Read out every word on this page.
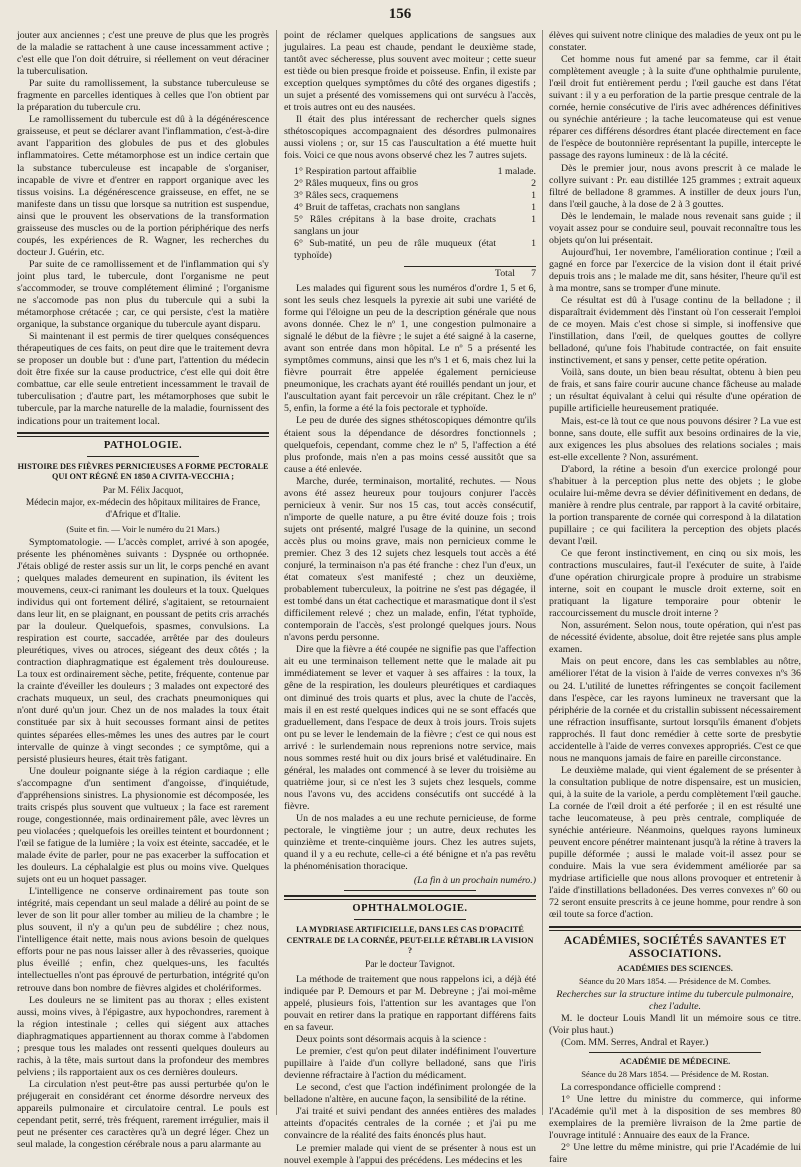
156

jouter aux anciennes ; c'est une preuve de plus que les progrès de la maladie se rattachent à une cause incessamment active ; c'est elle que l'on doit détruire, si réellement on veut déraciner la tuberculisation.

Par suite du ramollissement, la substance tuberculeuse se fragmente en parcelles identiques à celles que l'on obtient par la préparation du tubercule cru.

Le ramollissement du tubercule est dû à la dégénérescence graisseuse, et peut se déclarer avant l'inflammation, c'est-à-dire avant l'apparition des globules de pus et des globules inflammatoires. Cette métamorphose est un indice certain que la substance tuberculeuse est incapable de s'organiser, incapable de vivre et d'entrer en rapport organique avec les tissus voisins. La dégénérescence graisseuse, en effet, ne se manifeste dans un tissu que lorsque sa nutrition est suspendue, ainsi que le prouvent les observations de la transformation graisseuse des muscles ou de la portion périphérique des nerfs coupés, les expériences de R. Wagner, les recherches du docteur J. Guérin, etc.

Par suite de ce ramollissement et de l'inflammation qui s'y joint plus tard, le tubercule, dont l'organisme ne peut s'accommoder, se trouve complétement éliminé ; l'organisme ne s'accomode pas non plus du tubercule qui a subi la métamorphose crétacée ; car, ce qui persiste, c'est la matière organique, la substance organique du tubercule ayant disparu.

Si maintenant il est permis de tirer quelques conséquences thérapeutiques de ces faits, on peut dire que le traitement devra se proposer un double but : d'une part, l'attention du médecin doit être fixée sur la cause productrice, c'est elle qui doit être combattue, car elle seule entretient incessamment le travail de tuberculisation ; d'autre part, les métamorphoses que subit le tubercule, par la marche naturelle de la maladie, fournissent des indications pour un traitement local.

PATHOLOGIE.
HISTOIRE DES FIÈVRES PERNICIEUSES A FORME PECTORALE QUI ONT RÉGNÉ EN 1850 A CIVITA-VECCHIA ;
Par M. Félix Jacquot,
Médecin major, ex-médecin des hôpitaux militaires de France, d'Afrique et d'Italie.
(Suite et fin. — Voir le numéro du 21 Mars.)

Symptomatologie. — L'accès complet, arrivé à son apogée, présente les phénomènes suivants : Dyspnée ou orthopnée. J'étais obligé de rester assis sur un lit, le corps penché en avant ; quelques malades demeurent en supination, ils évitent les mouvemens, ceux-ci ranimant les douleurs et la toux. Quelques individus qui ont fortement déliré, s'agitaient, se retournaient dans leur lit, en se plaignant, en poussant de petits cris arrachés par la douleur. Quelquefois, spasmes, convulsions. La respiration est courte, saccadée, arrêtée par des douleurs pleurétiques, vives ou atroces, siégeant des deux côtés ; la contraction diaphragmatique est également très douloureuse. La toux est ordinairement sèche, petite, fréquente, contenue par la crainte d'éveiller les douleurs ; 3 malades ont expectoré des crachats muqueux, un seul, des crachats pneumoniques qui n'ont duré qu'un jour. Chez un de nos malades la toux était constituée par six à huit secousses formant ainsi de petites quintes séparées elles-mêmes les unes des autres par le court intervalle de quinze à vingt secondes ; ce symptôme, qui a persisté plusieurs heures, était très fatigant.

Une douleur poignante siége à la région cardiaque ; elle s'accompagne d'un sentiment d'angoisse, d'inquiétude, d'appréhensions sinistres. La physionomie est décomposée, les traits crispés plus souvent que vultueux ; la face est rarement rouge, congestionnée, mais ordinairement pâle, avec lèvres un peu violacées ; quelquefois les oreilles teintent et bourdonnent ; l'œil se fatigue de la lumière ; la voix est éteinte, saccadée, et le malade évite de parler, pour ne pas exacerber la suffocation et les douleurs. La céphalalgie est plus ou moins vive. Quelques sujets ont eu un hoquet passager.

L'intelligence ne conserve ordinairement pas toute son intégrité, mais cependant un seul malade a déliré au point de se lever de son lit pour aller tomber au milieu de la chambre ; le plus souvent, il n'y a qu'un peu de subdélire ; chez nous, l'intelligence était nette, mais nous avions besoin de quelques efforts pour ne pas nous laisser aller à des rêvasseries, quoique plus éveillé ; enfin, chez quelques-uns, les facultés intellectuelles n'ont pas éprouvé de perturbation, intégrité qu'on retrouve dans bon nombre de fièvres algides et cholériformes.

Les douleurs ne se limitent pas au thorax ; elles existent aussi, moins vives, à l'épigastre, aux hypochondres, rarement à la région intestinale ; celles qui siégent aux attaches diaphragmatiques appartiennent au thorax comme à l'abdomen ; presque tous les malades ont ressenti quelques douleurs au rachis, à la tête, mais surtout dans la profondeur des membres pelviens ; ils rapportaient aux os ces dernières douleurs.

La circulation n'est peut-être pas aussi perturbée qu'on le préjugerait en considérant cet énorme désordre nerveux des appareils pulmonaire et circulatoire central. Le pouls est cependant petit, serré, très fréquent, rarement irrégulier, mais il peut ne présenter ces caractères qu'à un degré léger. Chez un seul malade, la congestion cérébrale nous a paru alarmante au

point de réclamer quelques applications de sangsues aux jugulaires. La peau est chaude, pendant le deuxième stade, tantôt avec sécheresse, plus souvent avec moiteur ; cette sueur est tiède ou bien presque froide et poisseuse. Enfin, il existe par exception quelques symptômes du côté des organes digestifs ; un sujet a présenté des vomissemens qui ont survécu à l'accès, et trois autres ont eu des nausées.

Il était des plus intéressant de rechercher quels signes sthétoscopiques accompagnaient des désordres pulmonaires aussi violens ; or, sur 15 cas l'auscultation a été muette huit fois. Voici ce que nous avons observé chez les 7 autres sujets.

1° Respiration partout affaiblie	1 malade.
2° Râles muqueux, fins ou gros	2
3° Râles secs, craquemens	1
4° Bruit de taffetas, crachats non sanglans	1
5° Râles crépitans à la base droite, crachats sanglans un jour
1
6° Sub-matité, un peu de râle muqueux (état typhoïde)
1
Total 7

Les malades qui figurent sous les numéros d'ordre 1, 5 et 6, sont les seuls chez lesquels la pyrexie ait subi une variété de forme qui l'éloigne un peu de la description générale que nous avons donnée. Chez le nº 1, une congestion pulmonaire a signalé le début de la fièvre ; le sujet a été saigné à la caserne, avant son entrée dans mon hôpital. Le nº 5 a présenté les symptômes communs, ainsi que les nºs 1 et 6, mais chez lui la fièvre pourrait être appelée également pernicieuse pneumonique, les crachats ayant été rouillés pendant un jour, et l'auscultation ayant fait percevoir un râle crépitant. Chez le nº 5, enfin, la forme a été la fois pectorale et typhoïde.

Le peu de durée des signes sthétoscopiques démontre qu'ils étaient sous la dépendance de désordres fonctionnels ; quelquefois, cependant, comme chez le nº 5, l'affection a été plus profonde, mais n'en a pas moins cessé aussitôt que sa cause a été enlevée.

Marche, durée, terminaison, mortalité, rechutes. — Nous avons été assez heureux pour toujours conjurer l'accès pernicieux à venir. Sur nos 15 cas, tout accès consécutif, n'importe de quelle nature, a pu être évité douze fois ; trois sujets ont présenté, malgré l'usage de la quinine, un second accès plus ou moins grave, mais non pernicieux comme le premier. Chez 3 des 12 sujets chez lesquels tout accès a été conjuré, la terminaison n'a pas été franche : chez l'un d'eux, un état comateux s'est manifesté ; chez un deuxième, probablement tuberculeux, la poitrine ne s'est pas dégagée, il est tombé dans un état cachectique et marasmatique dont il s'est difficilement relevé ; chez un malade, enfin, l'état typhoïde, contemporain de l'accès, s'est prolongé quelques jours. Nous n'avons perdu personne.

Dire que la fièvre a été coupée ne signifie pas que l'affection ait eu une terminaison tellement nette que le malade ait pu immédiatement se lever et vaquer à ses affaires : la toux, la gêne de la respiration, les douleurs pleurétiques et cardiaques ont diminué des trois quarts et plus, avec la chute de l'accès, mais il en est resté quelques indices qui ne se sont effacés que graduellement, dans l'espace de deux à trois jours. Trois sujets ont pu se lever le lendemain de la fièvre ; c'est ce qui nous est arrivé : le surlendemain nous reprenions notre service, mais nous sommes resté huit ou dix jours brisé et valétudinaire. En général, les malades ont commencé à se lever du troisième au quatrième jour, si ce n'est les 3 sujets chez lesquels, comme nous l'avons vu, des accidens consécutifs ont succédé à la fièvre.

Un de nos malades a eu une rechute pernicieuse, de forme pectorale, le vingtième jour ; un autre, deux rechutes les quinzième et trente-cinquième jours. Chez les autres sujets, quand il y a eu rechute, celle-ci a été bénigne et n'a pas revêtu la phénoménisation thoracique.

(La fin à un prochain numéro.)
OPHTHALMOLOGIE.
LA MYDRIASE ARTIFICIELLE, DANS LES CAS D'OPACITÉ CENTRALE DE LA CORNÉE, PEUT-ELLE RÉTABLIR LA VISION ?
Par le docteur Tavignot.

La méthode de traitement que nous rappelons ici, a déjà été indiquée par P. Demours et par M. Debreyne ; j'ai moi-même appelé, plusieurs fois, l'attention sur les avantages que l'on pouvait en retirer dans la pratique en rapportant différens faits en sa faveur.

Deux points sont désormais acquis à la science :

Le premier, c'est qu'on peut dilater indéfiniment l'ouverture pupillaire à l'aide d'un collyre belladoné, sans que l'iris devienne réfractaire à l'action du médicament.

Le second, c'est que l'action indéfiniment prolongée de la belladone n'altère, en aucune façon, la sensibilité de la rétine.

J'ai traité et suivi pendant des années entières des malades atteints d'opacités centrales de la cornée ; et j'ai pu me convaincre de la réalité des faits énoncés plus haut.

Le premier malade qui vient de se présenter à nous est un nouvel exemple à l'appui des précédens. Les médecins et les

élèves qui suivent notre clinique des maladies de yeux ont pu le constater.

Cet homme nous fut amené par sa femme, car il était complètement aveugle ; à la suite d'une ophthalmie purulente, l'œil droit fut entièrement perdu ; l'œil gauche est dans l'état suivant : il y a eu perforation de la partie presque centrale de la cornée, hernie consécutive de l'iris avec adhérences définitives ou synéchie antérieure ; la tache leucomateuse qui est venue réparer ces différens désordres étant placée directement en face de l'espèce de boutonnière représentant la pupille, intercepte le passage des rayons lumineux : de là la cécité.

Dès le premier jour, nous avons prescrit à ce malade le collyre suivant : Pr. eau distillée 125 grammes ; extrait aqueux filtré de belladone 8 grammes. A instiller de deux jours l'un, dans l'œil gauche, à la dose de 2 à 3 gouttes.

Dès le lendemain, le malade nous revenait sans guide ; il voyait assez pour se conduire seul, pouvait reconnaître tous les objets qu'on lui présentait.

Aujourd'hui, 1er novembre, l'amélioration continue ; l'œil a gagné en force par l'exercice de la vision dont il était privé depuis trois ans ; le malade me dit, sans hésiter, l'heure qu'il est à ma montre, sans se tromper d'une minute.

Ce résultat est dû à l'usage continu de la belladone ; il disparaîtrait évidemment dès l'instant où l'on cesserait l'emploi de ce moyen. Mais c'est chose si simple, si inoffensive que l'instillation, dans l'œil, de quelques gouttes de collyre belladoné, qu'une fois l'habitude contractée, on fait ensuite instinctivement, et sans y penser, cette petite opération.

Voilà, sans doute, un bien beau résultat, obtenu à bien peu de frais, et sans faire courir aucune chance fâcheuse au malade ; un résultat équivalant à celui qui résulte d'une opération de pupille artificielle heureusement pratiquée.

Mais, est-ce là tout ce que nous pouvons désirer ? La vue est bonne, sans doute, elle suffit aux besoins ordinaires de la vie, aux exigences les plus absolues des relations sociales ; mais est-elle excellente ? Non, assurément.

D'abord, la rétine a besoin d'un exercice prolongé pour s'habituer à la perception plus nette des objets ; le globe oculaire lui-même devra se dévier définitivement en dedans, de manière à rendre plus centrale, par rapport à la cavité orbitaire, la portion transparente de cornée qui correspond à la dilatation pupillaire ; ce qui facilitera la perception des objets placés devant l'œil.

Ce que feront instinctivement, en cinq ou six mois, les contractions musculaires, faut-il l'exécuter de suite, à l'aide d'une opération chirurgicale propre à produire un strabisme interne, soit en coupant le muscle droit externe, soit en pratiquant la ligature temporaire pour obtenir le raccourcissement du muscle droit interne ?

Non, assurément. Selon nous, toute opération, qui n'est pas de nécessité évidente, absolue, doit être rejetée sans plus ample examen.

Mais on peut encore, dans les cas semblables au nôtre, améliorer l'état de la vision à l'aide de verres convexes nºs 36 ou 24. L'utilité de lunettes réfringentes se conçoit facilement dans l'espèce, car les rayons lumineux ne traversant que la périphérie de la cornée et du cristallin subissent nécessairement une réfraction insuffisante, surtout lorsqu'ils émanent d'objets rapprochés. Il faut donc remédier à cette sorte de presbytie accidentelle à l'aide de verres convexes appropriés. C'est ce que nous ne manquons jamais de faire en pareille circonstance.

Le deuxième malade, qui vient également de se présenter à la consultation publique de notre dispensaire, est un musicien, qui, à la suite de la variole, a perdu complètement l'œil gauche. La cornée de l'œil droit a été perforée ; il en est résulté une tache leucomateuse, à peu près centrale, compliquée de synéchie antérieure. Néanmoins, quelques rayons lumineux peuvent encore pénétrer maintenant jusqu'à la rétine à travers la pupille déformée ; aussi le malade voit-il assez pour se conduire. Mais la vue sera évidemment améliorée par sa mydriase artificielle que nous allons provoquer et entretenir à l'aide d'instillations belladonées. Des verres convexes nº 60 ou 72 seront ensuite prescrits à ce jeune homme, pour rendre à son œil toute sa force d'action.

ACADÉMIES, SOCIÉTÉS SAVANTES ET ASSOCIATIONS.
ACADÉMIES DES SCIENCES.
Séance du 20 Mars 1854. — Présidence de M. Combes.
Recherches sur la structure intime du tubercule pulmonaire, chez l'adulte.

M. le docteur Louis Mandl lit un mémoire sous ce titre. (Voir plus haut.)

(Com. MM. Serres, Andral et Rayer.)

ACADÉMIE DE MÉDECINE.
Séance du 28 Mars 1854. — Présidence de M. Rostan.

La correspondance officielle comprend :

1° Une lettre du ministre du commerce, qui informe l'Académie qu'il met à la disposition de ses membres 80 exemplaires de la première livraison de la 2me partie de l'ouvrage intitulé : Annuaire des eaux de la France.

2° Une lettre du même ministre, qui prie l'Académie de lui faire
